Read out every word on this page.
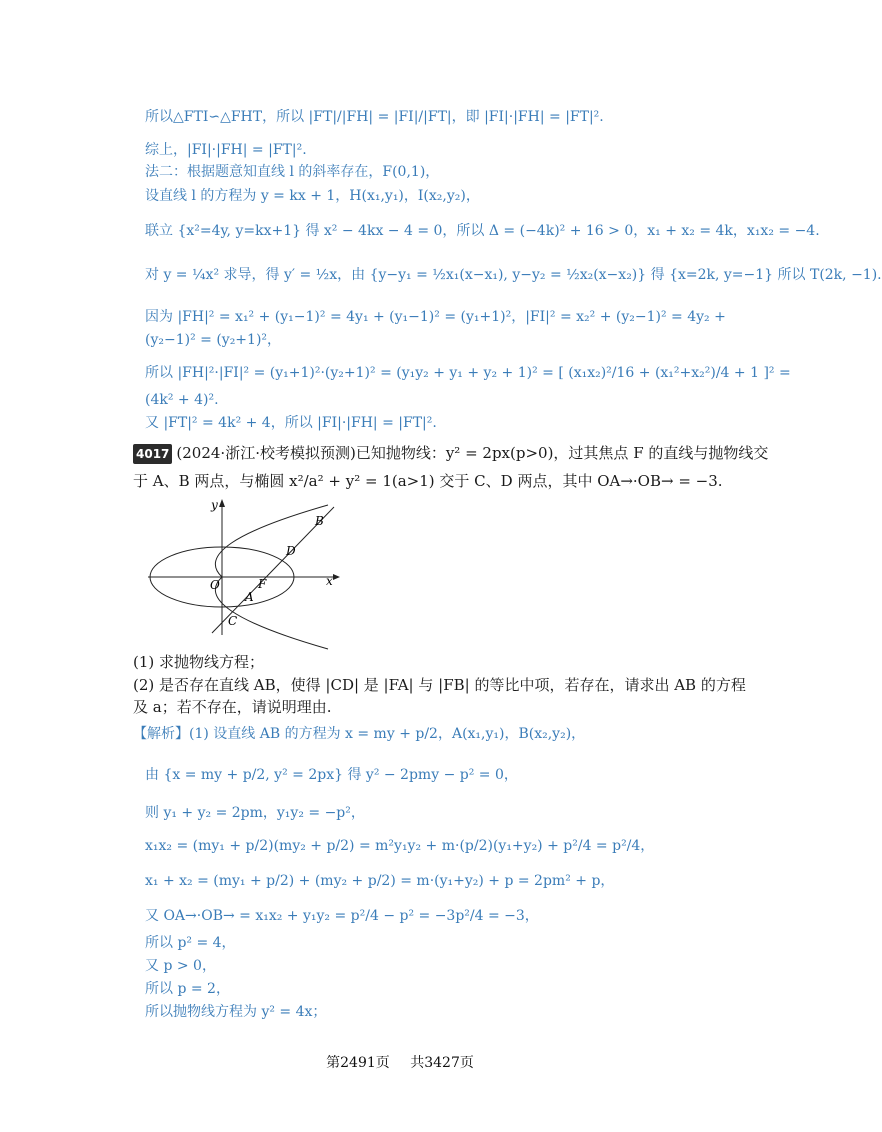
所以△FTI∽△FHT，所以 |FT|/|FH| = |FI|/|FT|，即 |FI|·|FH| = |FT|².
综上，|FI|·|FH| = |FT|².
法二：根据题意知直线 l 的斜率存在，F(0,1)，
设直线 l 的方程为 y = kx + 1，H(x₁,y₁)，I(x₂,y₂)，
联立 {x²=4y, y=kx+1} 得 x² − 4kx − 4 = 0，所以 Δ = (−4k)² + 16 > 0，x₁ + x₂ = 4k，x₁x₂ = −4.
对 y = ¼x² 求导，得 y′ = ½x，由 {y−y₁ = ½x₁(x−x₁), y−y₂ = ½x₂(x−x₂)} 得 {x=2k, y=−1} 所以 T(2k, −1).
因为 |FH|² = x₁² + (y₁−1)² = 4y₁ + (y₁−1)² = (y₁+1)²，|FI|² = x₂² + (y₂−1)² = 4y₂ +
(y₂−1)² = (y₂+1)²，
所以 |FH|²·|FI|² = (y₁+1)²·(y₂+1)² = (y₁y₂ + y₁ + y₂ + 1)² = [ (x₁x₂)²/16 + (x₁²+x₂²)/4 + 1 ]² =
(4k² + 4)².
又 |FT|² = 4k² + 4，所以 |FI|·|FH| = |FT|².
4017 (2024·浙江·校考模拟预测)已知抛物线：y² = 2px(p>0)，过其焦点 F 的直线与抛物线交
于 A、B 两点，与椭圆 x²/a² + y² = 1(a>1) 交于 C、D 两点，其中 OA→·OB→ = −3.
y
x
O	F
A
B
C
D
(1) 求抛物线方程；
(2) 是否存在直线 AB，使得 |CD| 是 |FA| 与 |FB| 的等比中项，若存在，请求出 AB 的方程
及 a；若不存在，请说明理由.
【解析】(1) 设直线 AB 的方程为 x = my + p/2，A(x₁,y₁)，B(x₂,y₂)，
由 {x = my + p/2, y² = 2px} 得 y² − 2pmy − p² = 0，
则 y₁ + y₂ = 2pm，y₁y₂ = −p²，
x₁x₂ = (my₁ + p/2)(my₂ + p/2) = m²y₁y₂ + m·(p/2)(y₁+y₂) + p²/4 = p²/4，
x₁ + x₂ = (my₁ + p/2) + (my₂ + p/2) = m·(y₁+y₂) + p = 2pm² + p，
又 OA→·OB→ = x₁x₂ + y₁y₂ = p²/4 − p² = −3p²/4 = −3，
所以 p² = 4，
又 p > 0，
所以 p = 2，
所以抛物线方程为 y² = 4x；
第2491页 共3427页
